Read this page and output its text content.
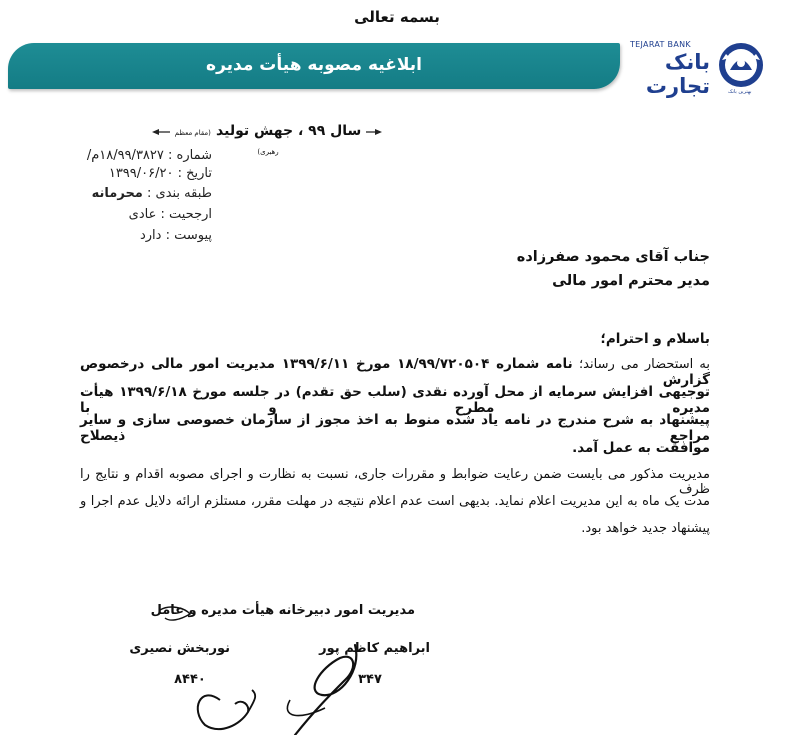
بسمه تعالی
ابلاغیه مصوبه هیأت مدیره
TEJARAT BANK
بانک تجارت	بهترین بانک
سال ۹۹ ، جهش تولید (مقام معظم رهبری)
شماره : ۱۸/۹۹/۳۸۲۷م/
تاریخ : ۱۳۹۹/۰۶/۲۰
طبقه بندی : محرمانه
ارجحیت : عادی
پیوست : دارد
جناب آقای محمود صفرزاده
مدیر محترم امور مالی
باسلام و احترام؛
به استحضار می رساند؛ نامه شماره ۱۸/۹۹/۷۲۰۵۰۴ مورخ ۱۳۹۹/۶/۱۱ مدیریت امور مالی درخصوص گزارش
توجیهی افزایش سرمایه از محل آورده نقدی (سلب حق تقدم) در جلسه مورخ ۱۳۹۹/۶/۱۸ هیأت مدیره مطرح و با
پیشنهاد به شرح مندرج در نامه یاد شده منوط به اخذ مجوز از سازمان خصوصی سازی و سایر مراجع ذیصلاح
موافقت به عمل آمد.
مدیریت مذکور می بایست ضمن رعایت ضوابط و مقررات جاری، نسبت به نظارت و اجرای مصوبه اقدام و نتایج را ظرف
مدت یک ماه به این مدیریت اعلام نماید. بدیهی است عدم اعلام نتیجه در مهلت مقرر، مستلزم ارائه دلایل عدم اجرا و
پیشنهاد جدید خواهد بود.
مدیریت امور دبیرخانه هیأت مدیره و عامل
ابراهیم کاظم پور
۳۴۷
نوربخش نصیری
۸۴۴۰
